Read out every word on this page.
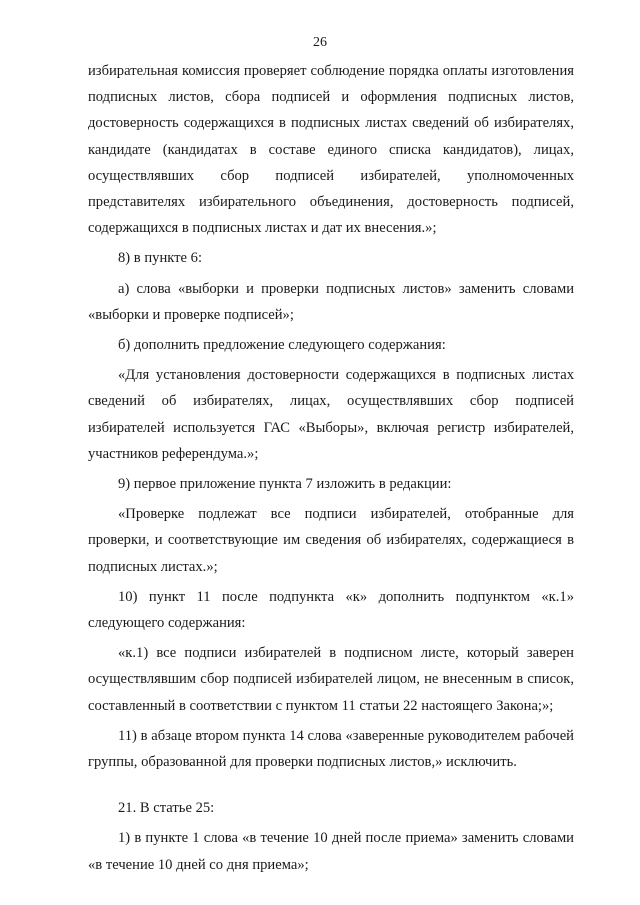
26

избирательная комиссия проверяет соблюдение порядка оплаты изготовления подписных листов, сбора подписей и оформления подписных листов, достоверность содержащихся в подписных листах сведений об избирателях, кандидате (кандидатах в составе единого списка кандидатов), лицах, осуществлявших сбор подписей избирателей, уполномоченных представителях избирательного объединения, достоверность подписей, содержащихся в подписных листах и дат их внесения.»;

8) в пункте 6:

а) слова «выборки и проверки подписных листов» заменить словами «выборки и проверке подписей»;

б) дополнить предложение следующего содержания:

«Для установления достоверности содержащихся в подписных листах сведений об избирателях, лицах, осуществлявших сбор подписей избирателей используется ГАС «Выборы», включая регистр избирателей, участников референдума.»;

9) первое приложение пункта 7 изложить в редакции:

«Проверке подлежат все подписи избирателей, отобранные для проверки, и соответствующие им сведения об избирателях, содержащиеся в подписных листах.»;

10) пункт 11 после подпункта «к» дополнить подпунктом «к.1» следующего содержания:

«к.1) все подписи избирателей в подписном листе, который заверен осуществлявшим сбор подписей избирателей лицом, не внесенным в список, составленный в соответствии с пунктом 11 статьи 22 настоящего Закона;»;

11) в абзаце втором пункта 14 слова «заверенные руководителем рабочей группы, образованной для проверки подписных листов,» исключить.

21. В статье 25:

1) в пункте 1 слова «в течение 10 дней после приема» заменить словами «в течение 10 дней со дня приема»;
